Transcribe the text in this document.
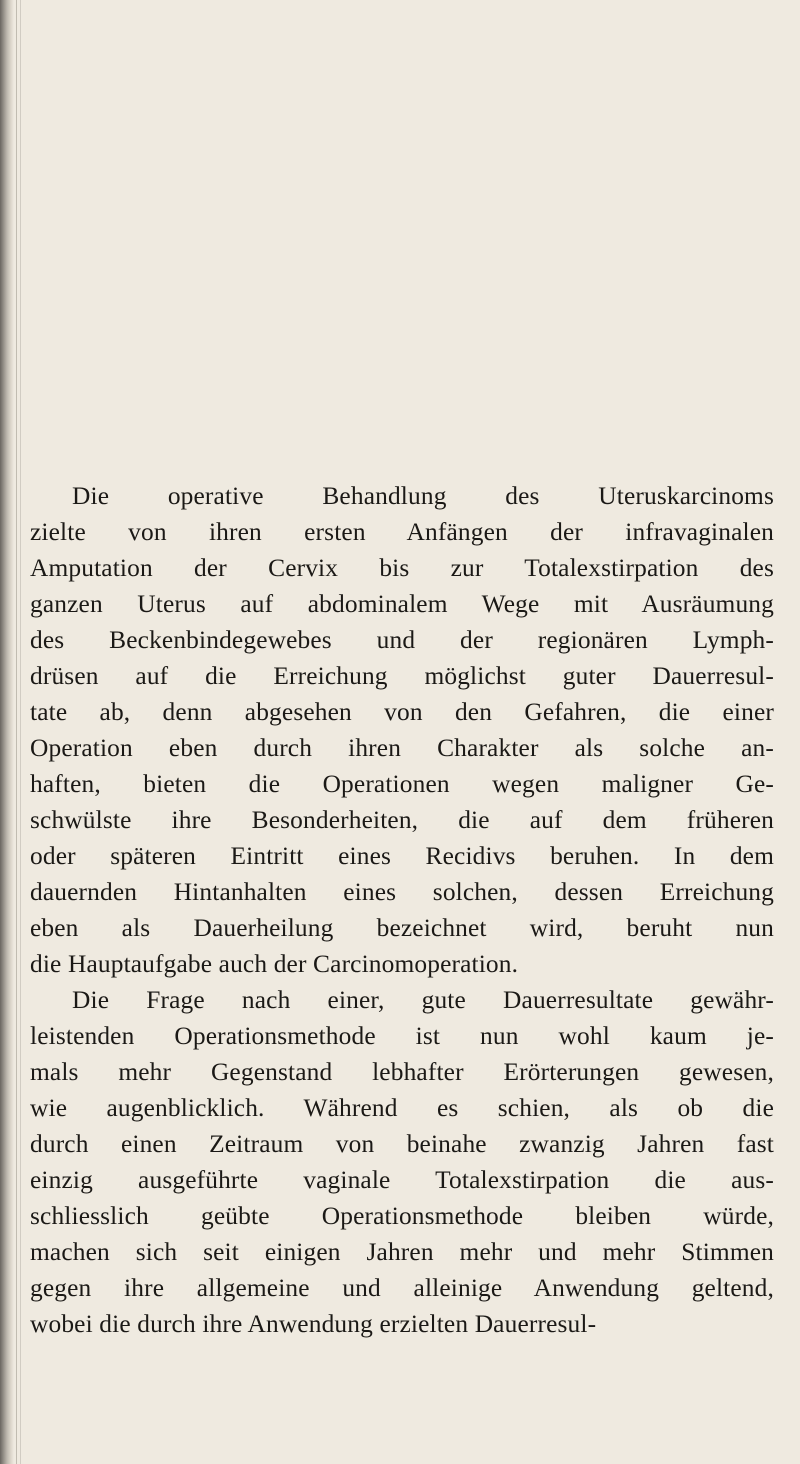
Die operative Behandlung des Uteruskarcinoms
zielte von ihren ersten Anfängen der infravaginalen
Amputation der Cervix bis zur Totalexstirpation des
ganzen Uterus auf abdominalem Wege mit Ausräumung
des Beckenbindegewebes und der regionären Lymph-
drüsen auf die Erreichung möglichst guter Dauerresul-
tate ab, denn abgesehen von den Gefahren, die einer
Operation eben durch ihren Charakter als solche an-
haften, bieten die Operationen wegen maligner Ge-
schwülste ihre Besonderheiten, die auf dem früheren
oder späteren Eintritt eines Recidivs beruhen. In dem
dauernden Hintanhalten eines solchen, dessen Erreichung
eben als Dauerheilung bezeichnet wird, beruht nun
die Hauptaufgabe auch der Carcinomoperation.
Die Frage nach einer, gute Dauerresultate gewähr-
leistenden Operationsmethode ist nun wohl kaum je-
mals mehr Gegenstand lebhafter Erörterungen gewesen,
wie augenblicklich. Während es schien, als ob die
durch einen Zeitraum von beinahe zwanzig Jahren fast
einzig ausgeführte vaginale Totalexstirpation die aus-
schliesslich geübte Operationsmethode bleiben würde,
machen sich seit einigen Jahren mehr und mehr Stimmen
gegen ihre allgemeine und alleinige Anwendung geltend,
wobei die durch ihre Anwendung erzielten Dauerresul-
